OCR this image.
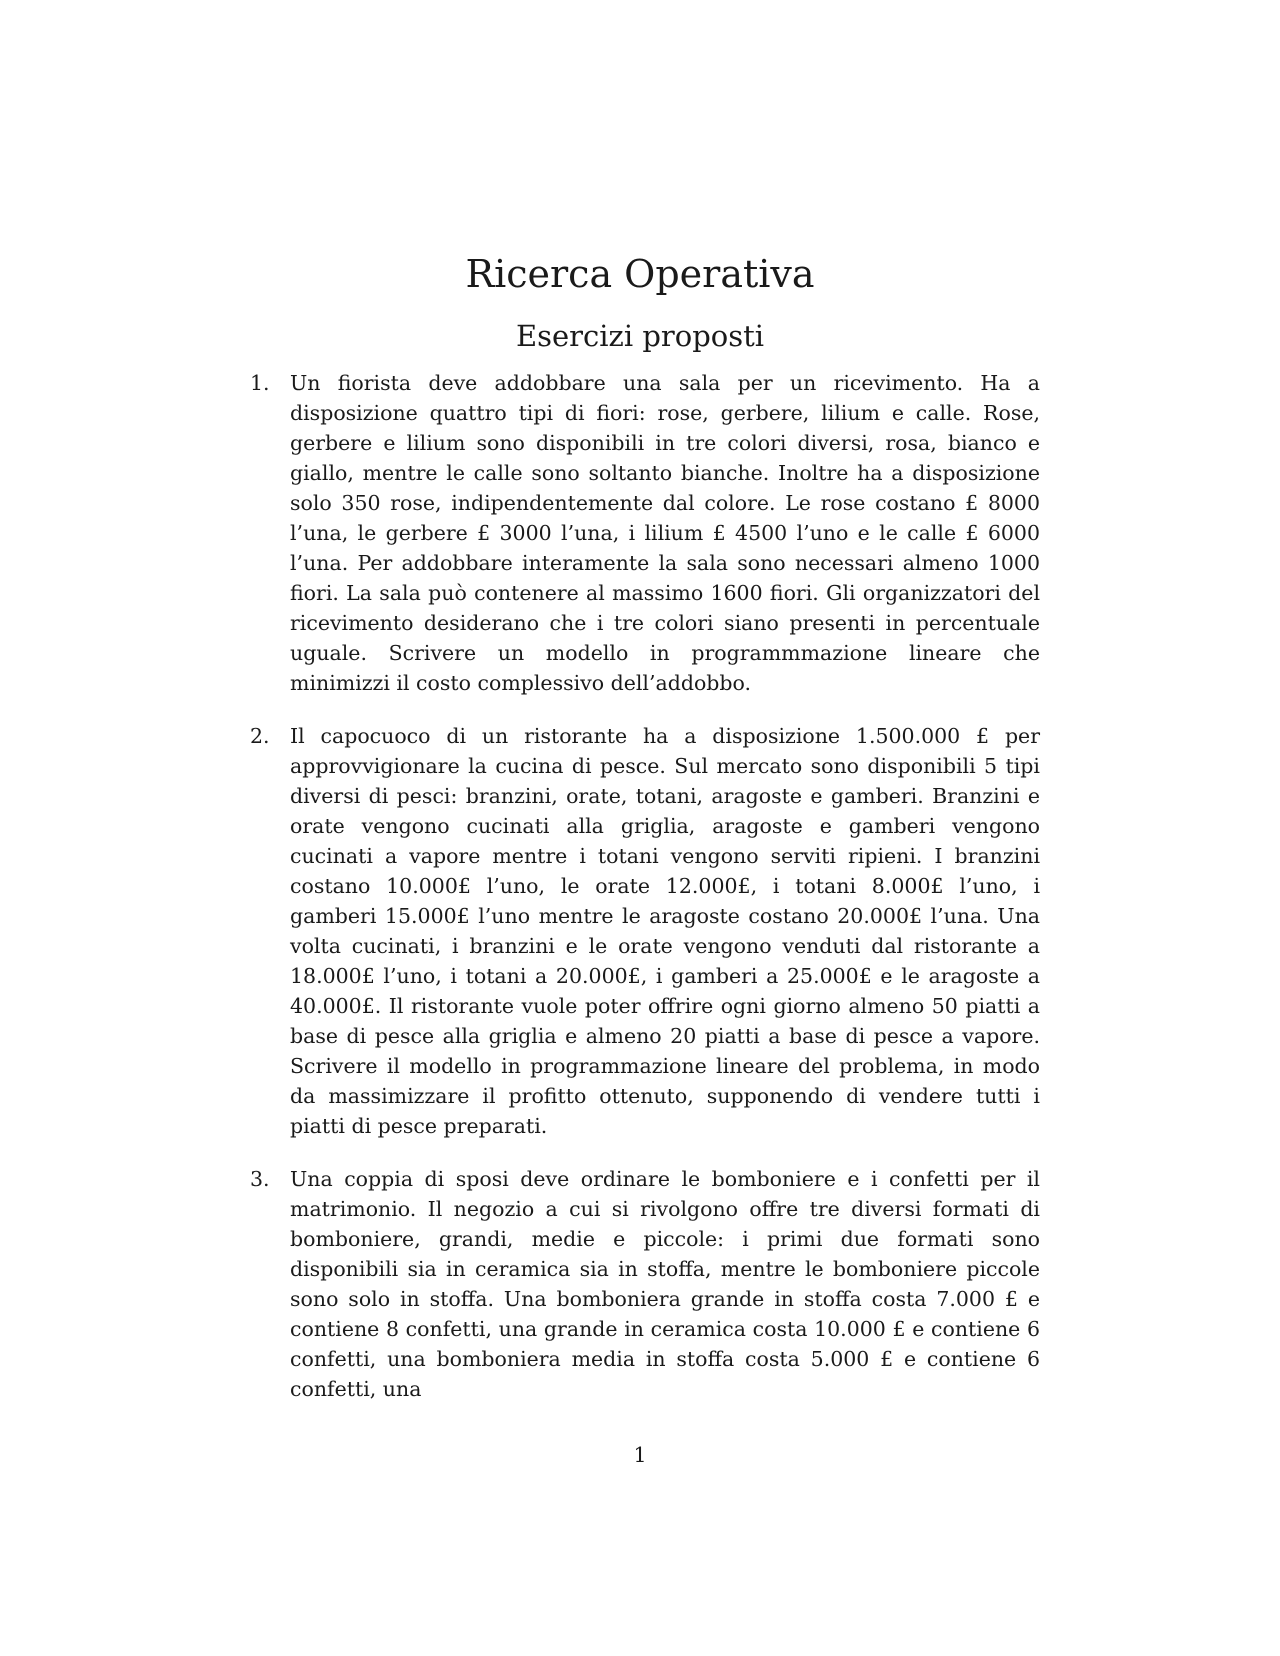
Ricerca Operativa
Esercizi proposti
1. Un fiorista deve addobbare una sala per un ricevimento. Ha a disposizione quattro tipi di fiori: rose, gerbere, lilium e calle. Rose, gerbere e lilium sono disponibili in tre colori diversi, rosa, bianco e giallo, mentre le calle sono soltanto bianche. Inoltre ha a disposizione solo 350 rose, indipendentemente dal colore. Le rose costano £ 8000 l’una, le gerbere £ 3000 l’una, i lilium £ 4500 l’uno e le calle £ 6000 l’una. Per addobbare interamente la sala sono necessari almeno 1000 fiori. La sala può contenere al massimo 1600 fiori. Gli organizzatori del ricevimento desiderano che i tre colori siano presenti in percentuale uguale. Scrivere un modello in programmmazione lineare che minimizzi il costo complessivo dell’addobbo.

2. Il capocuoco di un ristorante ha a disposizione 1.500.000 £ per approvvigionare la cucina di pesce. Sul mercato sono disponibili 5 tipi diversi di pesci: branzini, orate, totani, aragoste e gamberi. Branzini e orate vengono cucinati alla griglia, aragoste e gamberi vengono cucinati a vapore mentre i totani vengono serviti ripieni. I branzini costano 10.000£ l’uno, le orate 12.000£, i totani 8.000£ l’uno, i gamberi 15.000£ l’uno mentre le aragoste costano 20.000£ l’una. Una volta cucinati, i branzini e le orate vengono venduti dal ristorante a 18.000£ l’uno, i totani a 20.000£, i gamberi a 25.000£ e le aragoste a 40.000£. Il ristorante vuole poter offrire ogni giorno almeno 50 piatti a base di pesce alla griglia e almeno 20 piatti a base di pesce a vapore. Scrivere il modello in programmazione lineare del problema, in modo da massimizzare il profitto ottenuto, supponendo di vendere tutti i piatti di pesce preparati.

3. Una coppia di sposi deve ordinare le bomboniere e i confetti per il matrimonio. Il negozio a cui si rivolgono offre tre diversi formati di bomboniere, grandi, medie e piccole: i primi due formati sono disponibili sia in ceramica sia in stoffa, mentre le bomboniere piccole sono solo in stoffa. Una bomboniera grande in stoffa costa 7.000 £ e contiene 8 confetti, una grande in ceramica costa 10.000 £ e contiene 6 confetti, una bomboniera media in stoffa costa 5.000 £ e contiene 6 confetti, una

1
